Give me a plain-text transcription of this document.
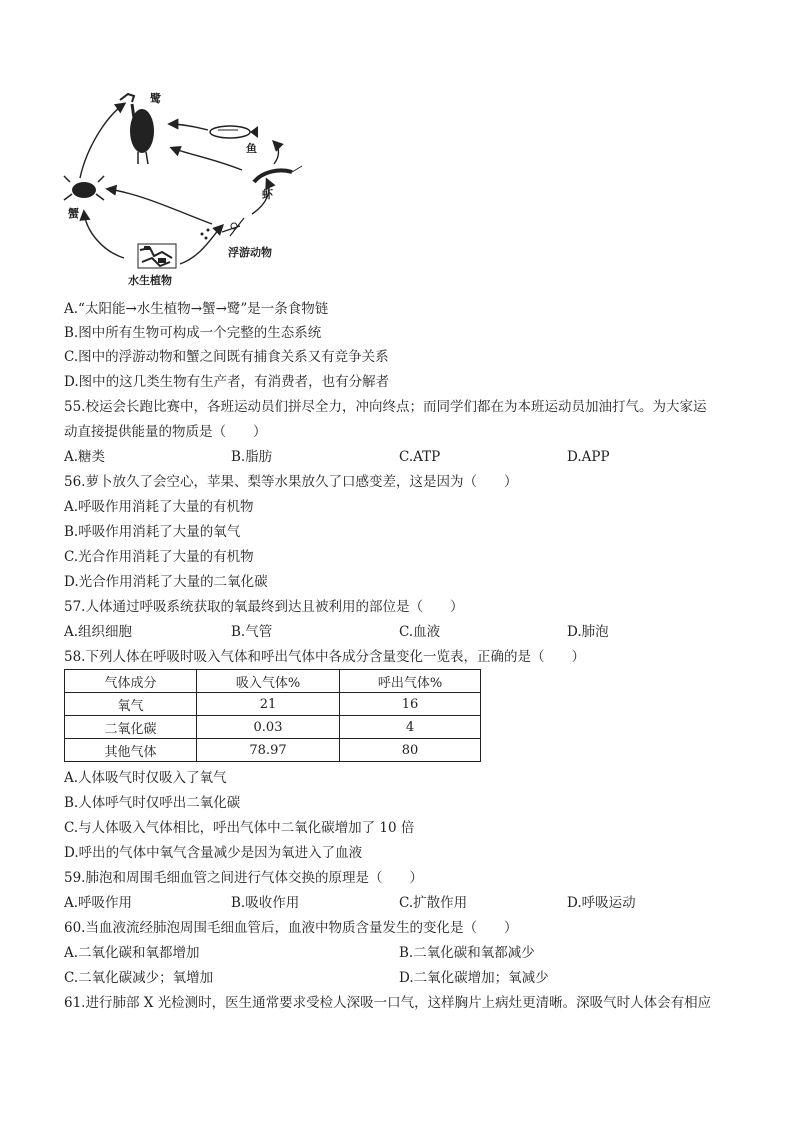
鹭
鱼
虾
蟹
浮游动物
水生植物
A.“太阳能→水生植物→蟹→鹭”是一条食物链
B.图中所有生物可构成一个完整的生态系统
C.图中的浮游动物和蟹之间既有捕食关系又有竞争关系
D.图中的这几类生物有生产者，有消费者，也有分解者
55.校运会长跑比赛中，各班运动员们拼尽全力，冲向终点；而同学们都在为本班运动员加油打气。为大家运
动直接提供能量的物质是（　　）
A.糖类	B.脂肪	C.ATP	D.APP
56.萝卜放久了会空心，苹果、梨等水果放久了口感变差，这是因为（　　）
A.呼吸作用消耗了大量的有机物
B.呼吸作用消耗了大量的氧气
C.光合作用消耗了大量的有机物
D.光合作用消耗了大量的二氧化碳
57.人体通过呼吸系统获取的氧最终到达且被利用的部位是（　　）
A.组织细胞	B.气管	C.血液	D.肺泡
58.下列人体在呼吸时吸入气体和呼出气体中各成分含量变化一览表，正确的是（　　）
气体成分	吸入气体%	呼出气体%
氧气	21	16
二氧化碳	0.03	4
其他气体	78.97	80
A.人体吸气时仅吸入了氧气
B.人体呼气时仅呼出二氧化碳
C.与人体吸入气体相比，呼出气体中二氧化碳增加了 10 倍
D.呼出的气体中氧气含量减少是因为氧进入了血液
59.肺泡和周围毛细血管之间进行气体交换的原理是（　　）
A.呼吸作用	B.吸收作用	C.扩散作用	D.呼吸运动
60.当血液流经肺泡周围毛细血管后，血液中物质含量发生的变化是（　　）
A.二氧化碳和氧都增加	B.二氧化碳和氧都减少
C.二氧化碳减少；氧增加	D.二氧化碳增加；氧减少
61.进行肺部 X 光检测时，医生通常要求受检人深吸一口气，这样胸片上病灶更清晰。深吸气时人体会有相应
